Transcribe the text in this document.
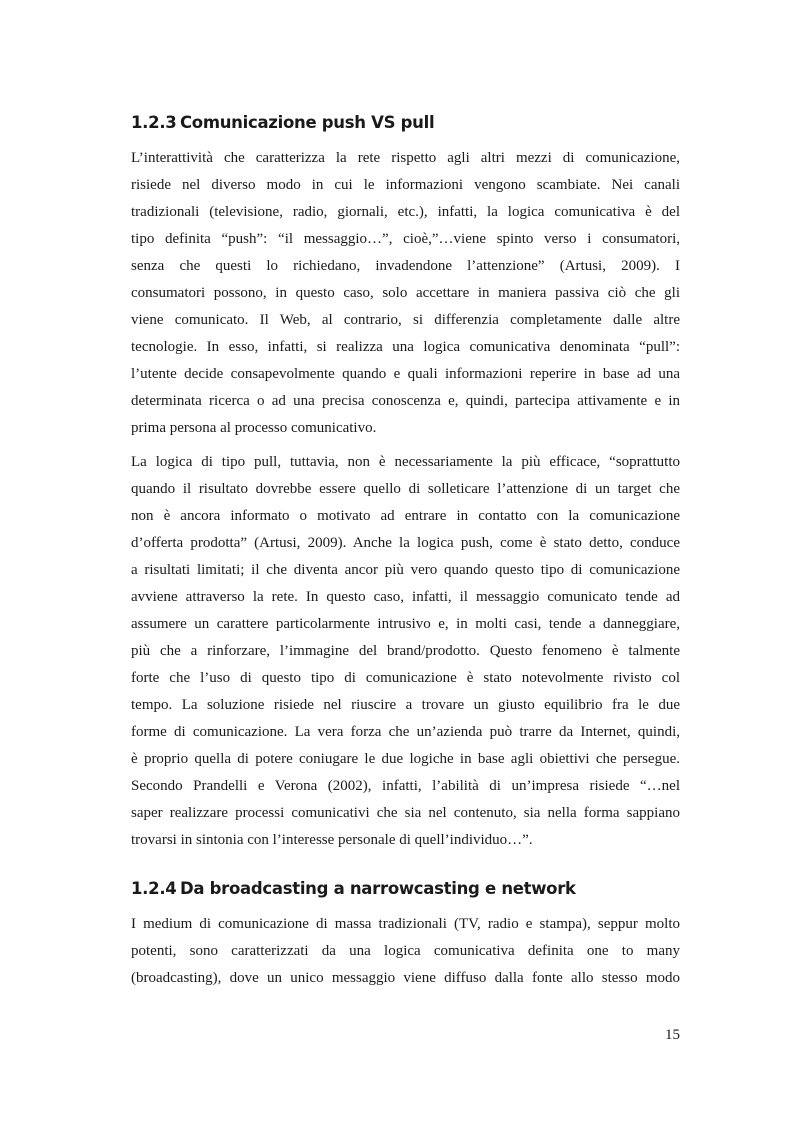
1.2.3 Comunicazione push VS pull
L’interattività che caratterizza la rete rispetto agli altri mezzi di comunicazione,
risiede nel diverso modo in cui le informazioni vengono scambiate. Nei canali
tradizionali (televisione, radio, giornali, etc.), infatti, la logica comunicativa è del
tipo definita “push”: “il messaggio…”, cioè,”…viene spinto verso i consumatori,
senza che questi lo richiedano, invadendone l’attenzione” (Artusi, 2009). I
consumatori possono, in questo caso, solo accettare in maniera passiva ciò che gli
viene comunicato. Il Web, al contrario, si differenzia completamente dalle altre
tecnologie. In esso, infatti, si realizza una logica comunicativa denominata “pull”:
l’utente decide consapevolmente quando e quali informazioni reperire in base ad una
determinata ricerca o ad una precisa conoscenza e, quindi, partecipa attivamente e in
prima persona al processo comunicativo.
La logica di tipo pull, tuttavia, non è necessariamente la più efficace, “soprattutto
quando il risultato dovrebbe essere quello di solleticare l’attenzione di un target che
non è ancora informato o motivato ad entrare in contatto con la comunicazione
d’offerta prodotta” (Artusi, 2009). Anche la logica push, come è stato detto, conduce
a risultati limitati; il che diventa ancor più vero quando questo tipo di comunicazione
avviene attraverso la rete. In questo caso, infatti, il messaggio comunicato tende ad
assumere un carattere particolarmente intrusivo e, in molti casi, tende a danneggiare,
più che a rinforzare, l’immagine del brand/prodotto. Questo fenomeno è talmente
forte che l’uso di questo tipo di comunicazione è stato notevolmente rivisto col
tempo. La soluzione risiede nel riuscire a trovare un giusto equilibrio fra le due
forme di comunicazione. La vera forza che un’azienda può trarre da Internet, quindi,
è proprio quella di potere coniugare le due logiche in base agli obiettivi che persegue.
Secondo Prandelli e Verona (2002), infatti, l’abilità di un’impresa risiede “…nel
saper realizzare processi comunicativi che sia nel contenuto, sia nella forma sappiano
trovarsi in sintonia con l’interesse personale di quell’individuo…”.
1.2.4 Da broadcasting a narrowcasting e network
I medium di comunicazione di massa tradizionali (TV, radio e stampa), seppur molto
potenti, sono caratterizzati da una logica comunicativa definita one to many
(broadcasting), dove un unico messaggio viene diffuso dalla fonte allo stesso modo
15
